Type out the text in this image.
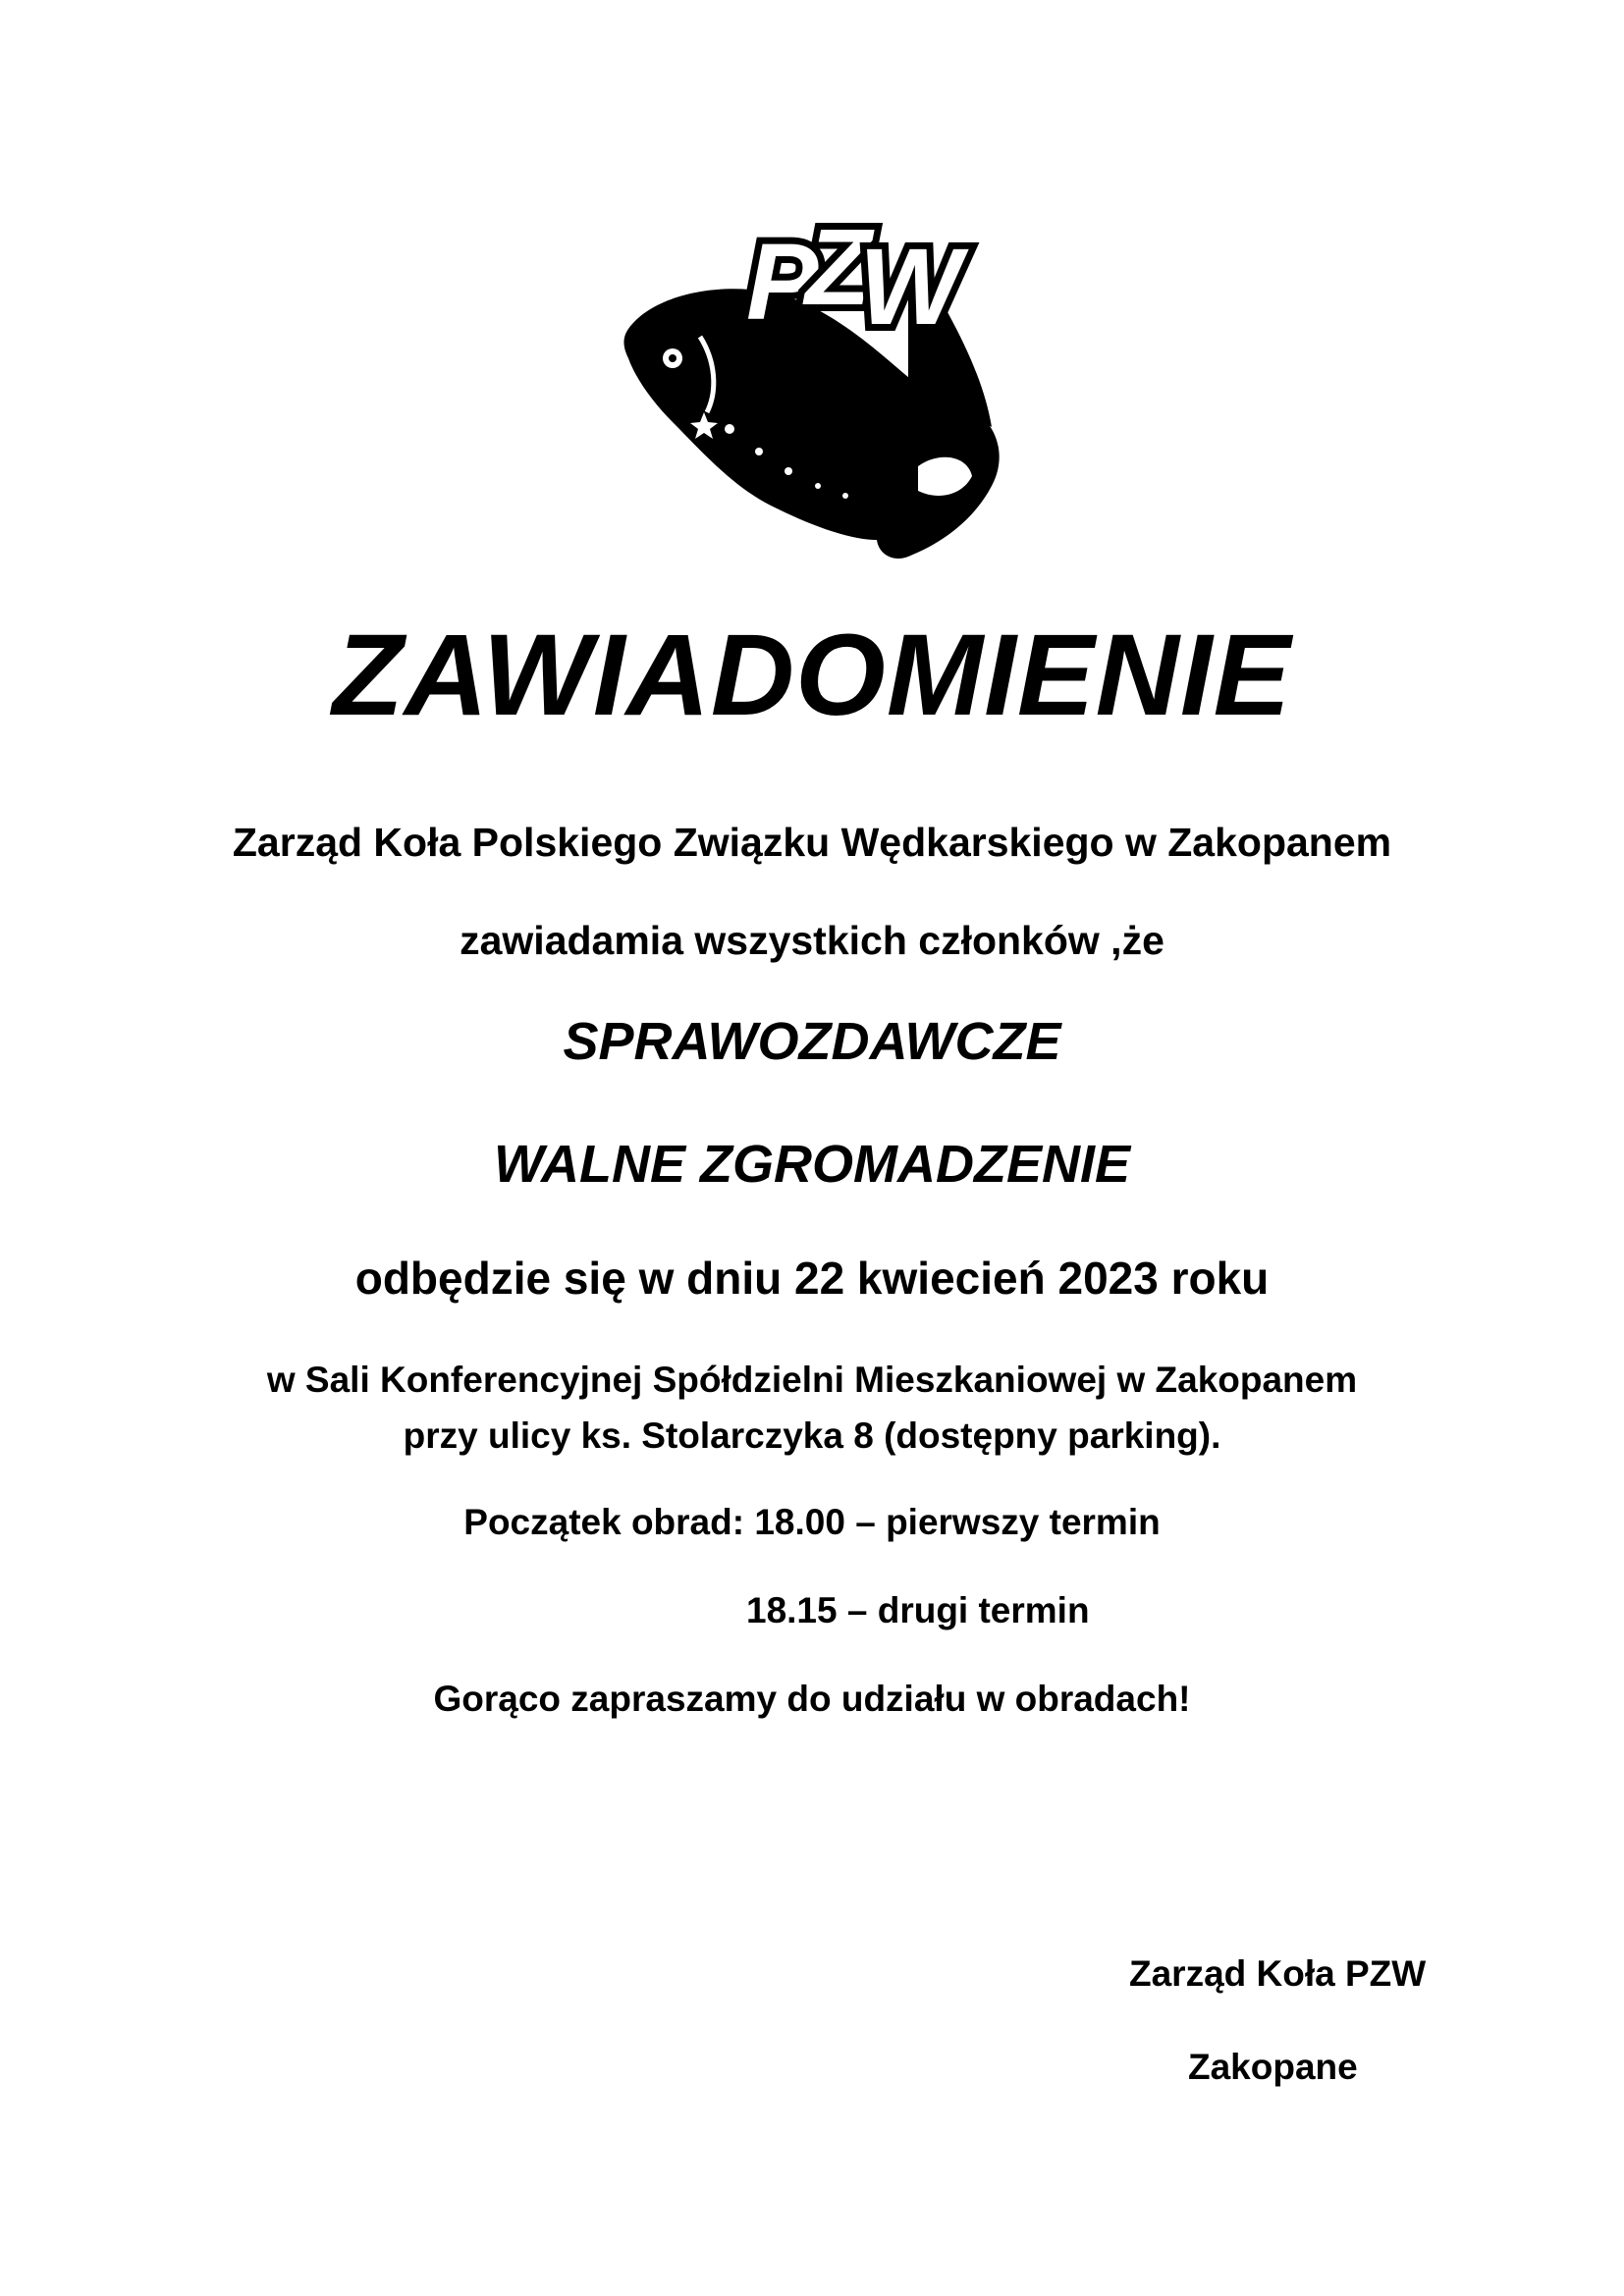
P
Z
W
ZAWIADOMIENIE
Zarząd Koła Polskiego Związku Wędkarskiego w Zakopanem
zawiadamia wszystkich członków ,że
SPRAWOZDAWCZE
WALNE ZGROMADZENIE
odbędzie się w dniu 22 kwiecień 2023 roku
w Sali Konferencyjnej Spółdzielni Mieszkaniowej w Zakopanem
przy ulicy ks. Stolarczyka 8 (dostępny parking).
Początek obrad: 18.00 – pierwszy termin
18.15 – drugi termin
Gorąco zapraszamy do udziału w obradach!
Zarząd Koła PZW
Zakopane
